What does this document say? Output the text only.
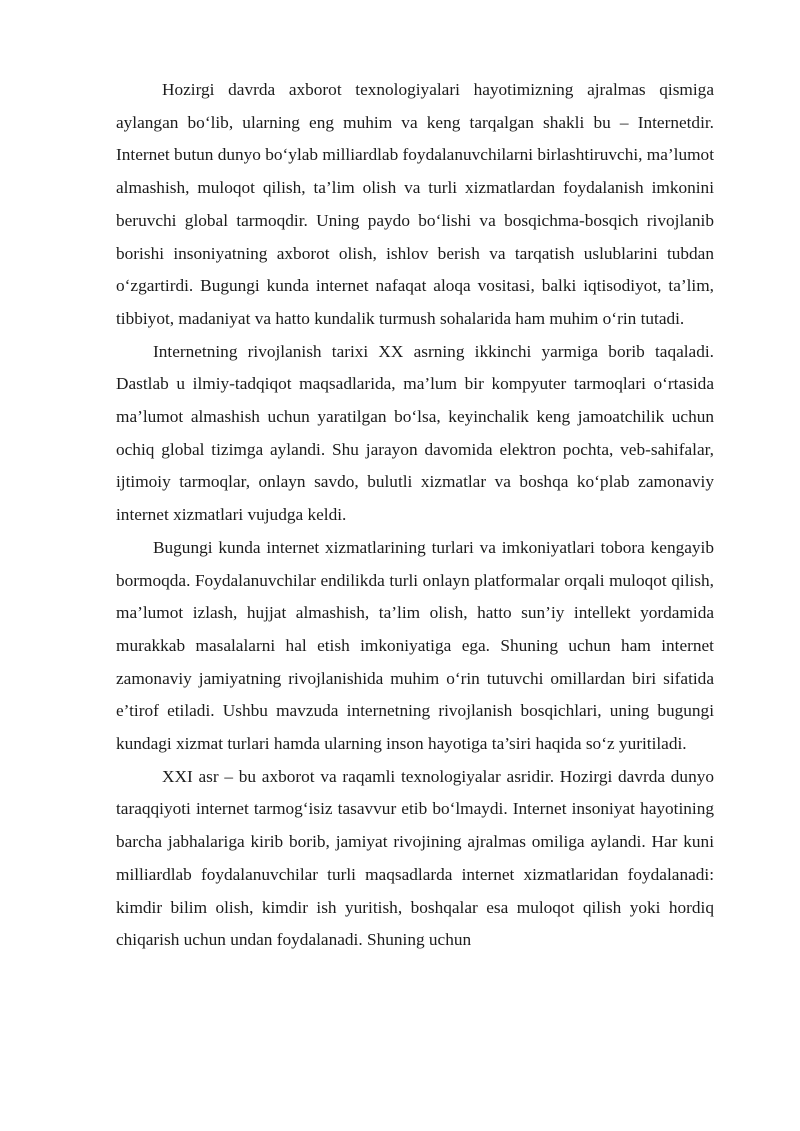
Hozirgi davrda axborot texnologiyalari hayotimizning ajralmas qismiga aylangan bo‘lib, ularning eng muhim va keng tarqalgan shakli bu – Internetdir. Internet butun dunyo bo‘ylab milliardlab foydalanuvchilarni birlashtiruvchi, ma’lumot almashish, muloqot qilish, ta’lim olish va turli xizmatlardan foydalanish imkonini beruvchi global tarmoqdir. Uning paydo bo‘lishi va bosqichma-bosqich rivojlanib borishi insoniyatning axborot olish, ishlov berish va tarqatish uslublarini tubdan o‘zgartirdi. Bugungi kunda internet nafaqat aloqa vositasi, balki iqtisodiyot, ta’lim, tibbiyot, madaniyat va hatto kundalik turmush sohalarida ham muhim o‘rin tutadi.

Internetning rivojlanish tarixi XX asrning ikkinchi yarmiga borib taqaladi. Dastlab u ilmiy-tadqiqot maqsadlarida, ma’lum bir kompyuter tarmoqlari o‘rtasida ma’lumot almashish uchun yaratilgan bo‘lsa, keyinchalik keng jamoatchilik uchun ochiq global tizimga aylandi. Shu jarayon davomida elektron pochta, veb-sahifalar, ijtimoiy tarmoqlar, onlayn savdo, bulutli xizmatlar va boshqa ko‘plab zamonaviy internet xizmatlari vujudga keldi.

Bugungi kunda internet xizmatlarining turlari va imkoniyatlari tobora kengayib bormoqda. Foydalanuvchilar endilikda turli onlayn platformalar orqali muloqot qilish, ma’lumot izlash, hujjat almashish, ta’lim olish, hatto sun’iy intellekt yordamida murakkab masalalarni hal etish imkoniyatiga ega. Shuning uchun ham internet zamonaviy jamiyatning rivojlanishida muhim o‘rin tutuvchi omillardan biri sifatida e’tirof etiladi. Ushbu mavzuda internetning rivojlanish bosqichlari, uning bugungi kundagi xizmat turlari hamda ularning inson hayotiga ta’siri haqida so‘z yuritiladi.

XXI asr – bu axborot va raqamli texnologiyalar asridir. Hozirgi davrda dunyo taraqqiyoti internet tarmog‘isiz tasavvur etib bo‘lmaydi. Internet insoniyat hayotining barcha jabhalariga kirib borib, jamiyat rivojining ajralmas omiliga aylandi. Har kuni milliardlab foydalanuvchilar turli maqsadlarda internet xizmatlaridan foydalanadi: kimdir bilim olish, kimdir ish yuritish, boshqalar esa muloqot qilish yoki hordiq chiqarish uchun undan foydalanadi. Shuning uchun
